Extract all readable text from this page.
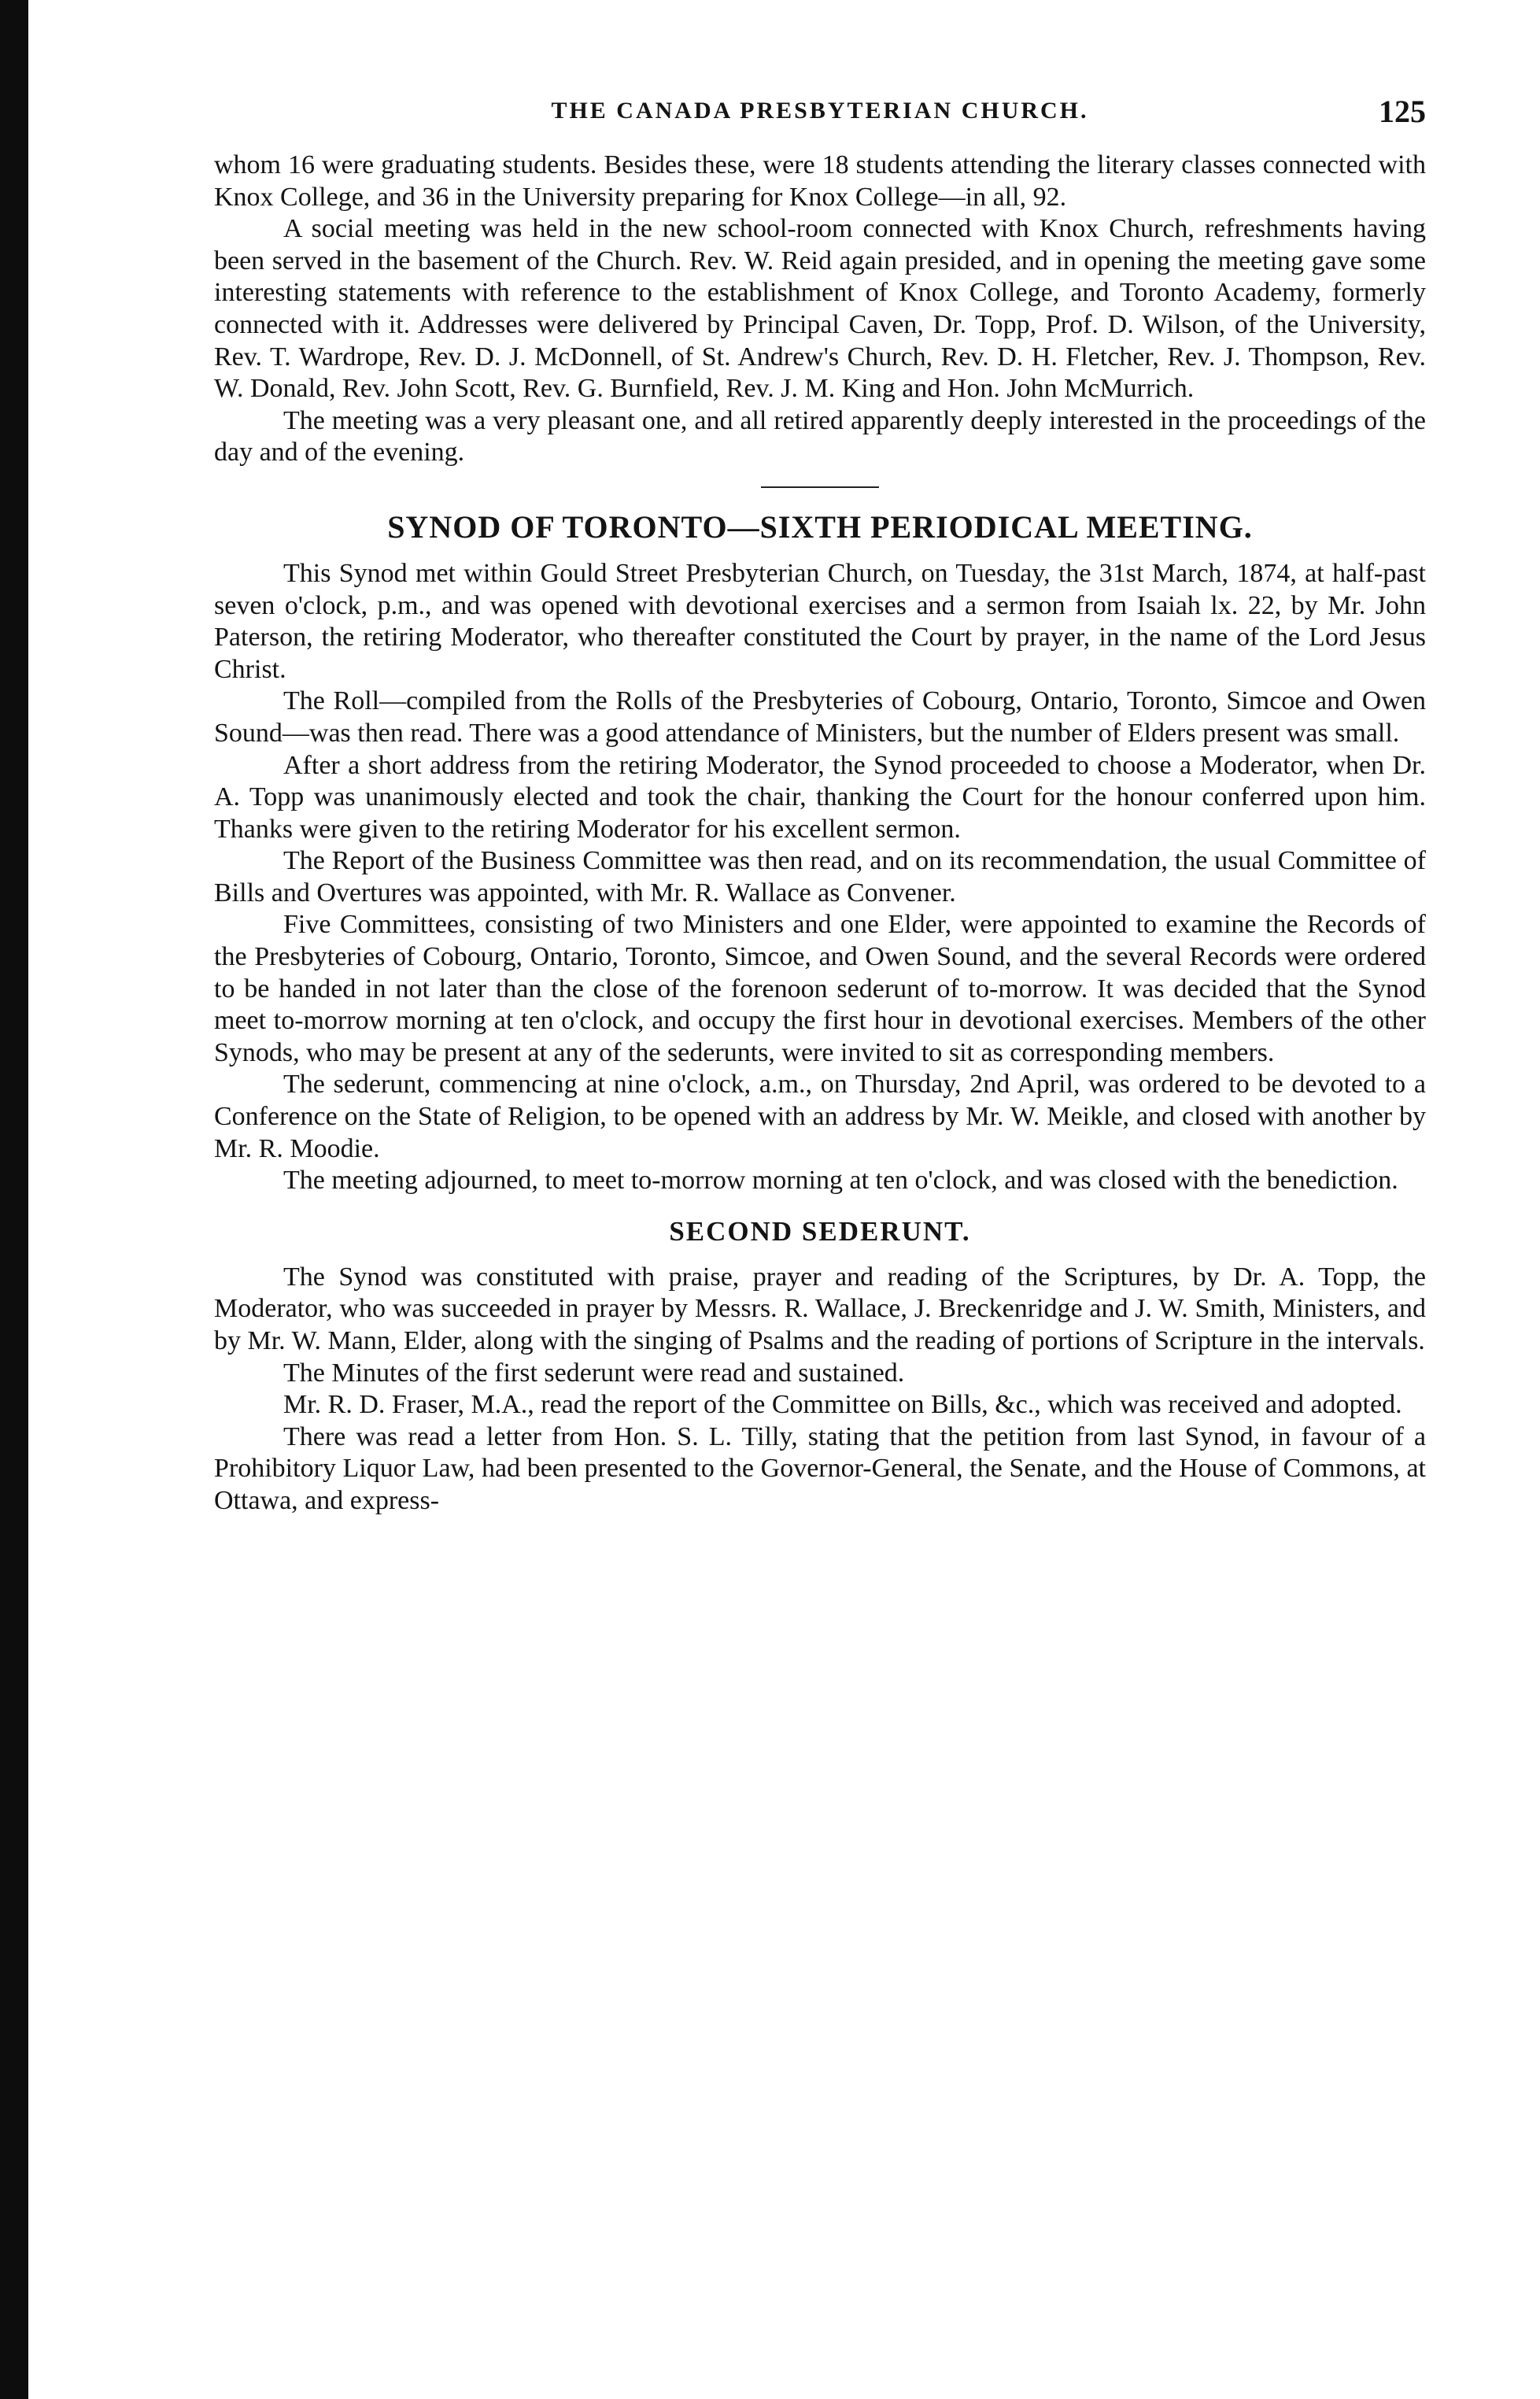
THE CANADA PRESBYTERIAN CHURCH.	125

whom 16 were graduating students. Besides these, were 18 students attending the literary classes connected with Knox College, and 36 in the University preparing for Knox College—in all, 92.

A social meeting was held in the new school-room connected with Knox Church, refreshments having been served in the basement of the Church. Rev. W. Reid again presided, and in opening the meeting gave some interesting statements with reference to the establishment of Knox College, and Toronto Academy, formerly connected with it. Addresses were delivered by Principal Caven, Dr. Topp, Prof. D. Wilson, of the University, Rev. T. Wardrope, Rev. D. J. McDonnell, of St. Andrew's Church, Rev. D. H. Fletcher, Rev. J. Thompson, Rev. W. Donald, Rev. John Scott, Rev. G. Burnfield, Rev. J. M. King and Hon. John McMurrich.

The meeting was a very pleasant one, and all retired apparently deeply interested in the proceedings of the day and of the evening.

SYNOD OF TORONTO—SIXTH PERIODICAL MEETING.

This Synod met within Gould Street Presbyterian Church, on Tuesday, the 31st March, 1874, at half-past seven o'clock, p.m., and was opened with devotional exercises and a sermon from Isaiah lx. 22, by Mr. John Paterson, the retiring Moderator, who thereafter constituted the Court by prayer, in the name of the Lord Jesus Christ.

The Roll—compiled from the Rolls of the Presbyteries of Cobourg, Ontario, Toronto, Simcoe and Owen Sound—was then read. There was a good attendance of Ministers, but the number of Elders present was small.

After a short address from the retiring Moderator, the Synod proceeded to choose a Moderator, when Dr. A. Topp was unanimously elected and took the chair, thanking the Court for the honour conferred upon him. Thanks were given to the retiring Moderator for his excellent sermon.

The Report of the Business Committee was then read, and on its recommendation, the usual Committee of Bills and Overtures was appointed, with Mr. R. Wallace as Convener.

Five Committees, consisting of two Ministers and one Elder, were appointed to examine the Records of the Presbyteries of Cobourg, Ontario, Toronto, Simcoe, and Owen Sound, and the several Records were ordered to be handed in not later than the close of the forenoon sederunt of to-morrow. It was decided that the Synod meet to-morrow morning at ten o'clock, and occupy the first hour in devotional exercises. Members of the other Synods, who may be present at any of the sederunts, were invited to sit as corresponding members.

The sederunt, commencing at nine o'clock, a.m., on Thursday, 2nd April, was ordered to be devoted to a Conference on the State of Religion, to be opened with an address by Mr. W. Meikle, and closed with another by Mr. R. Moodie.

The meeting adjourned, to meet to-morrow morning at ten o'clock, and was closed with the benediction.

SECOND SEDERUNT.

The Synod was constituted with praise, prayer and reading of the Scriptures, by Dr. A. Topp, the Moderator, who was succeeded in prayer by Messrs. R. Wallace, J. Breckenridge and J. W. Smith, Ministers, and by Mr. W. Mann, Elder, along with the singing of Psalms and the reading of portions of Scripture in the intervals.

The Minutes of the first sederunt were read and sustained.

Mr. R. D. Fraser, M.A., read the report of the Committee on Bills, &c., which was received and adopted.

There was read a letter from Hon. S. L. Tilly, stating that the petition from last Synod, in favour of a Prohibitory Liquor Law, had been presented to the Governor-General, the Senate, and the House of Commons, at Ottawa, and express-
